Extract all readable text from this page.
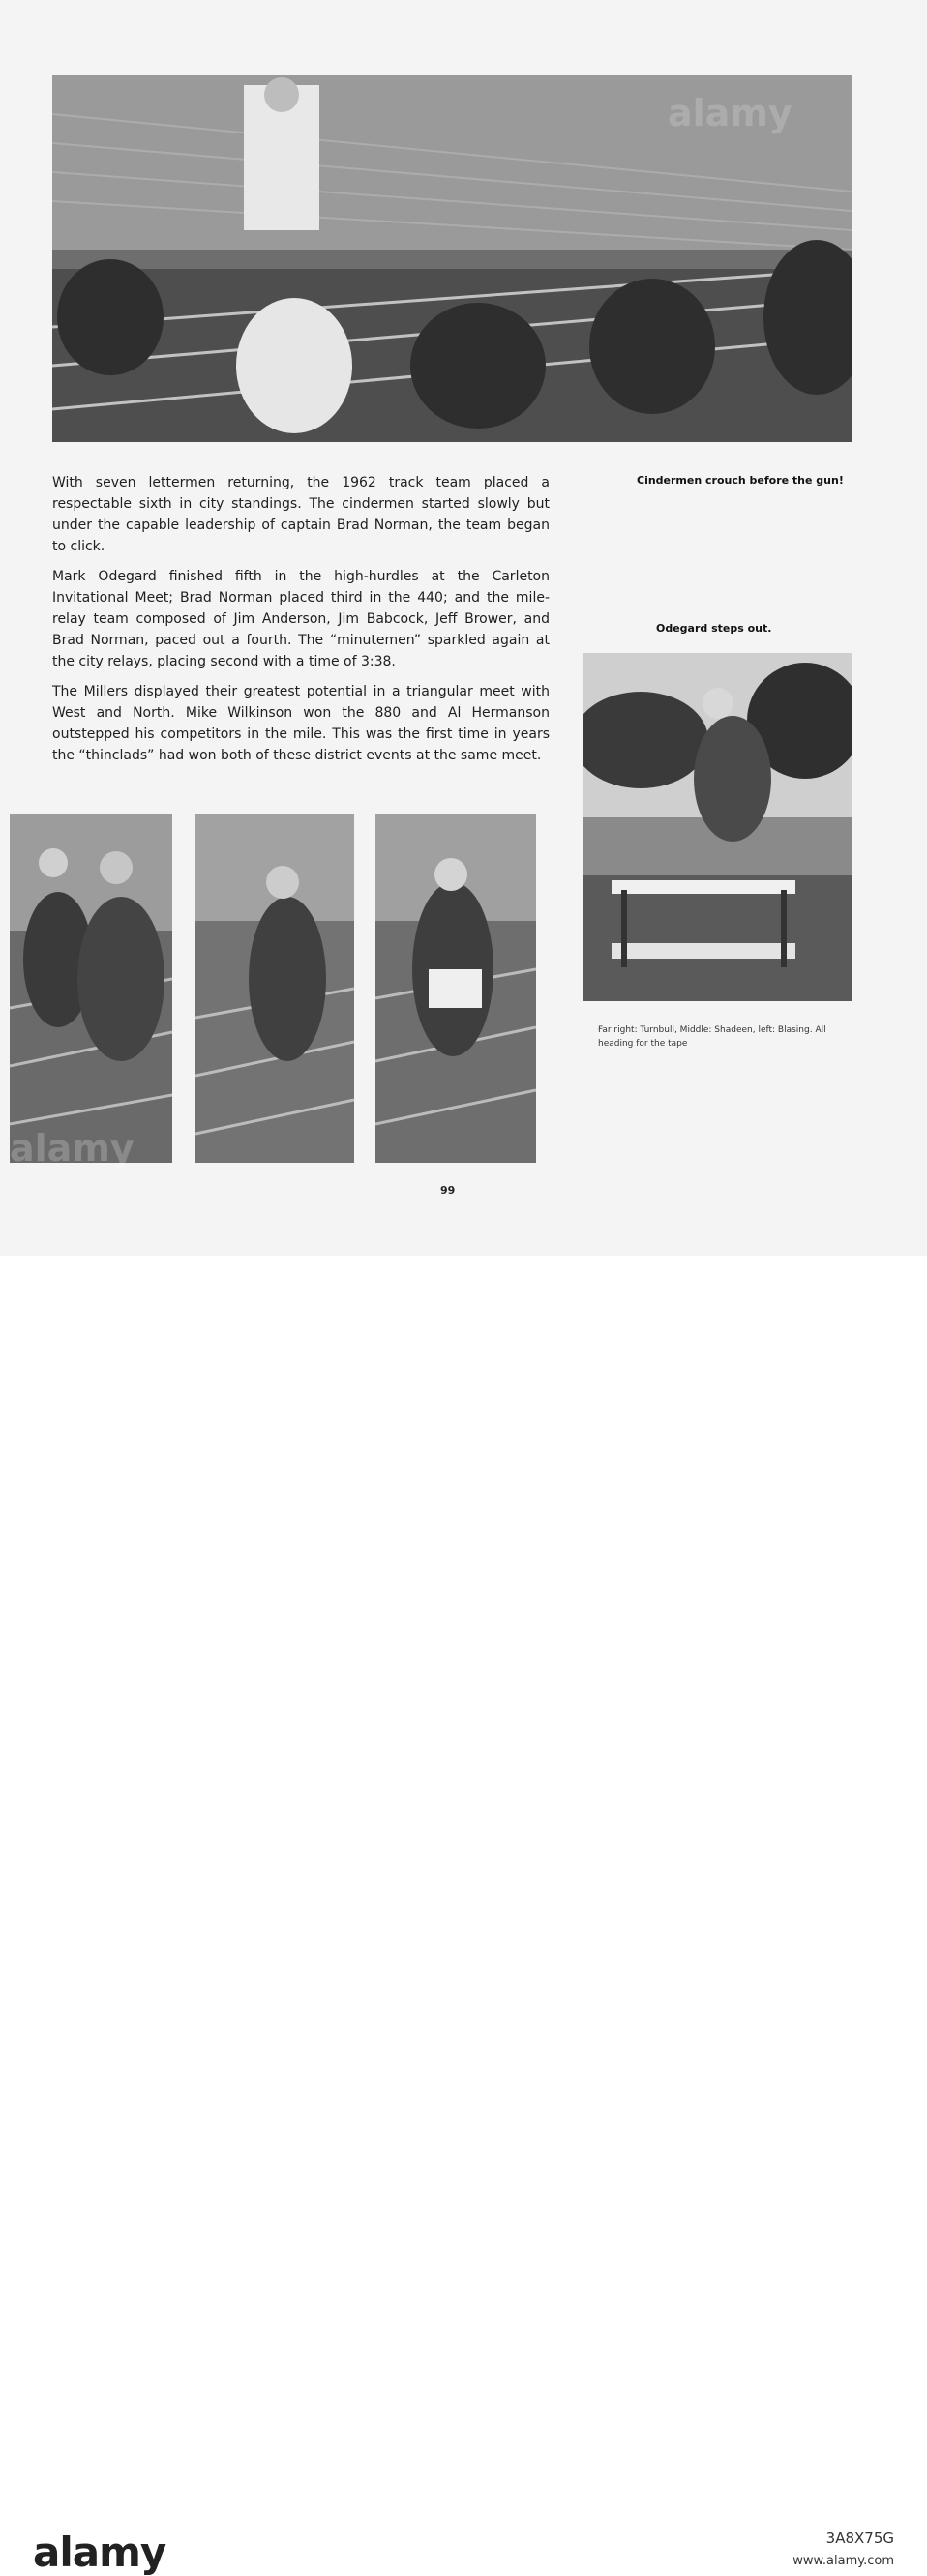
With seven lettermen returning, the 1962 track team placed a respectable sixth in city standings. The cindermen started slowly but under the capable leadership of captain Brad Norman, the team began to click.

Mark Odegard finished fifth in the high-hurdles at the Carleton Invitational Meet; Brad Norman placed third in the 440; and the mile-relay team composed of Jim Anderson, Jim Babcock, Jeff Brower, and Brad Norman, paced out a fourth. The “minutemen” sparkled again at the city relays, placing second with a time of 3:38.

The Millers displayed their greatest potential in a triangular meet with West and North. Mike Wilkinson won the 880 and Al Hermanson outstepped his competitors in the mile. This was the first time in years the “thinclads” had won both of these district events at the same meet.

Cindermen crouch before the gun!
Odegard steps out.
Far right: Turnbull, Middle: Shadeen, left: Blasing. All heading for the tape
99
alamy
alamy	3A8X75G
www.alamy.com
